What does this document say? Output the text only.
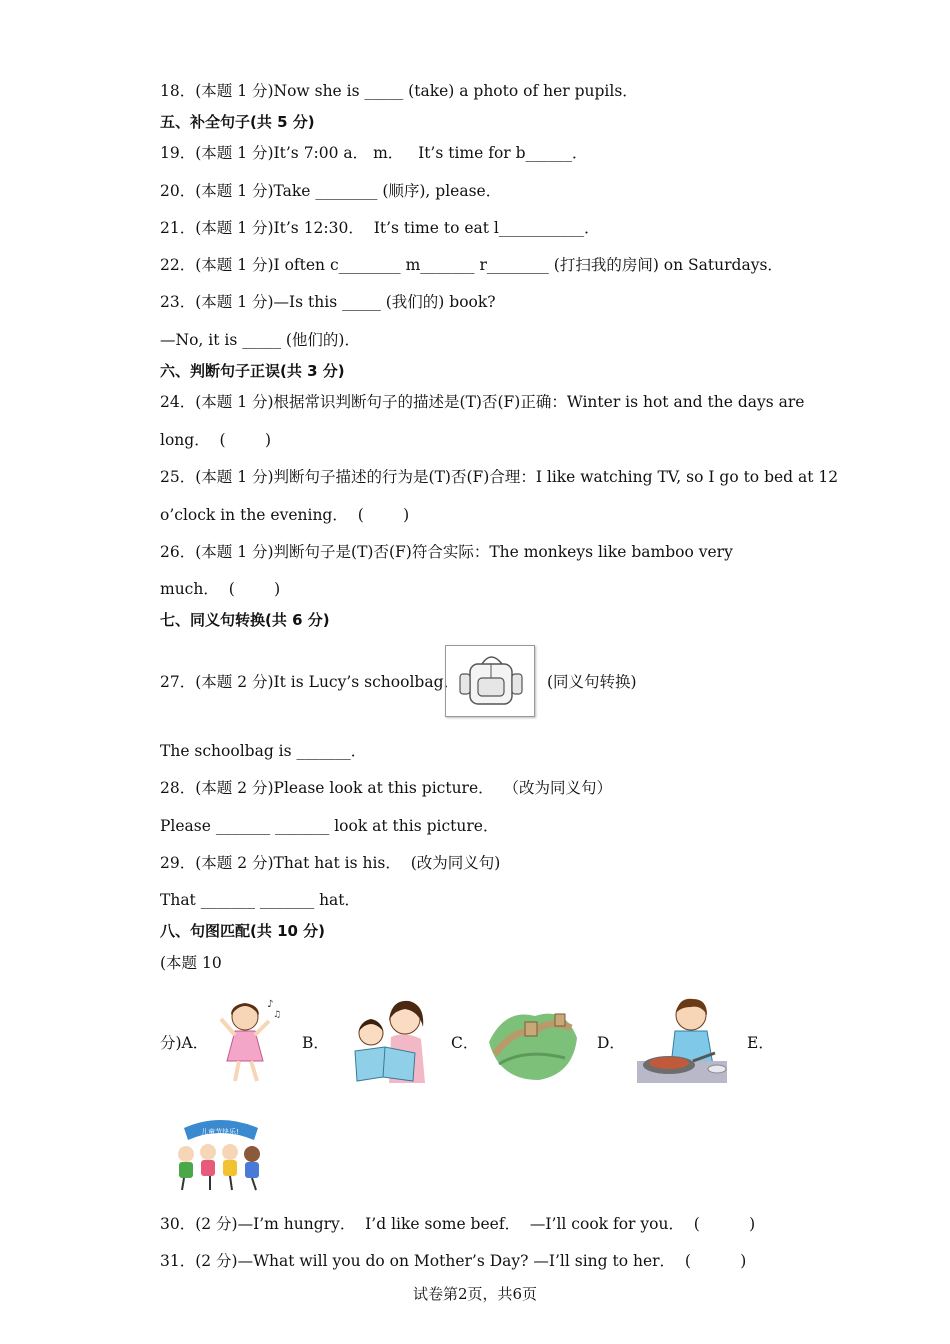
18．(本题 1 分)Now she is _____ (take) a photo of her pupils．
五、补全句子(共 5 分)
19．(本题 1 分)It’s 7:00 a． m．   It’s time for b______．
20．(本题 1 分)Take ________ (顺序), please．
21．(本题 1 分)It’s 12:30．  It’s time to eat l___________．
22．(本题 1 分)I often c________ m_______ r________ (打扫我的房间) on Saturdays．
23．(本题 1 分)—Is this _____ (我们的) book?
—No, it is _____ (他们的)．
六、判断句子正误(共 3 分)
24．(本题 1 分)根据常识判断句子的描述是(T)否(F)正确：Winter is hot and the days are
long．  (        )
25．(本题 1 分)判断句子描述的行为是(T)否(F)合理：I like watching TV, so I go to bed at 12
o’clock in the evening．  (        )
26．(本题 1 分)判断句子是(T)否(F)符合实际：The monkeys like bamboo very
much．  (        )
七、同义句转换(共 6 分)
27．(本题 2 分)It is Lucy’s schoolbag．	(同义句转换)
The schoolbag is _______．
28．(本题 2 分)Please look at this picture．  （改为同义句）
Please _______ _______ look at this picture．
29．(本题 2 分)That hat is his．  (改为同义句)
That _______ _______ hat．
八、句图匹配(共 10 分)
(本题 10
分)A．
♪
♫
B．	C．	D．	E．
儿童节快乐!
30．(2 分)—I’m hungry．  I’d like some beef．  —I’ll cook for you．  (          )
31．(2 分)—What will you do on Mother’s Day? —I’ll sing to her．  (          )
试卷第2页，共6页
